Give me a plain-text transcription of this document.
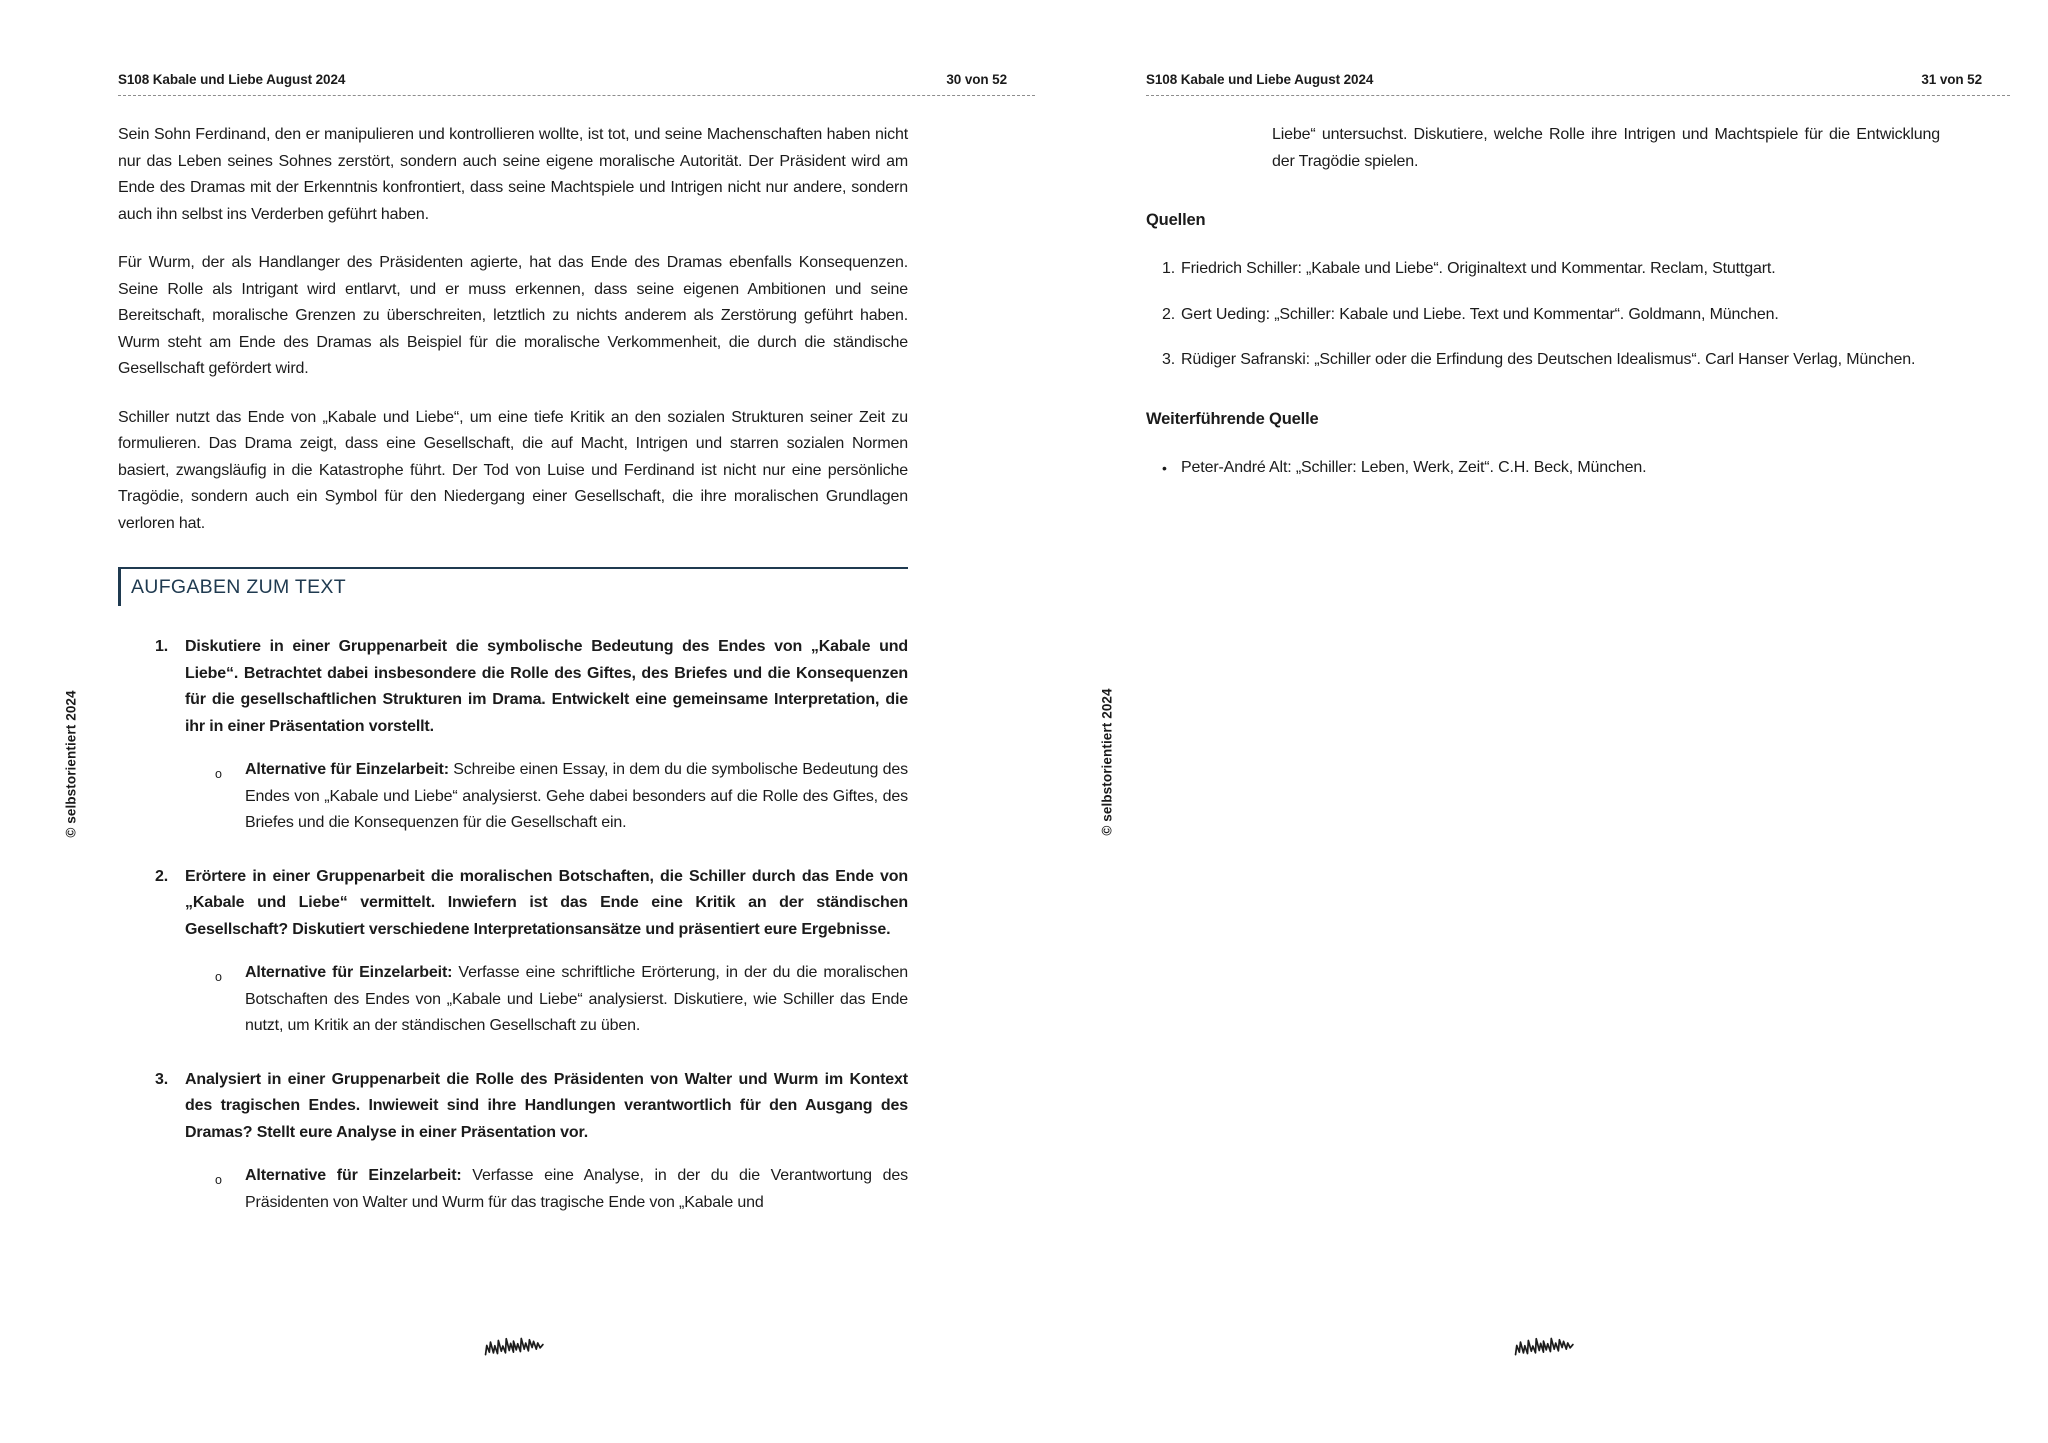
S108 Kabale und Liebe August 2024	30 von 52

Sein Sohn Ferdinand, den er manipulieren und kontrollieren wollte, ist tot, und seine Machenschaften haben nicht nur das Leben seines Sohnes zerstört, sondern auch seine eigene moralische Autorität. Der Präsident wird am Ende des Dramas mit der Erkenntnis konfrontiert, dass seine Machtspiele und Intrigen nicht nur andere, sondern auch ihn selbst ins Verderben geführt haben.

Für Wurm, der als Handlanger des Präsidenten agierte, hat das Ende des Dramas ebenfalls Konsequenzen. Seine Rolle als Intrigant wird entlarvt, und er muss erkennen, dass seine eigenen Ambitionen und seine Bereitschaft, moralische Grenzen zu überschreiten, letztlich zu nichts anderem als Zerstörung geführt haben. Wurm steht am Ende des Dramas als Beispiel für die moralische Verkommenheit, die durch die ständische Gesellschaft gefördert wird.

Schiller nutzt das Ende von „Kabale und Liebe“, um eine tiefe Kritik an den sozialen Strukturen seiner Zeit zu formulieren. Das Drama zeigt, dass eine Gesellschaft, die auf Macht, Intrigen und starren sozialen Normen basiert, zwangsläufig in die Katastrophe führt. Der Tod von Luise und Ferdinand ist nicht nur eine persönliche Tragödie, sondern auch ein Symbol für den Niedergang einer Gesellschaft, die ihre moralischen Grundlagen verloren hat.

AUFGABEN ZUM TEXT
1.	Diskutiere in einer Gruppenarbeit die symbolische Bedeutung des Endes von „Kabale und Liebe“. Betrachtet dabei insbesondere die Rolle des Giftes, des Briefes und die Konsequenzen für die gesellschaftlichen Strukturen im Drama. Entwickelt eine gemeinsame Interpretation, die ihr in einer Präsentation vorstellt.
o	Alternative für Einzelarbeit: Schreibe einen Essay, in dem du die symbolische Bedeutung des Endes von „Kabale und Liebe“ analysierst. Gehe dabei besonders auf die Rolle des Giftes, des Briefes und die Konsequenzen für die Gesellschaft ein.
2.	Erörtere in einer Gruppenarbeit die moralischen Botschaften, die Schiller durch das Ende von „Kabale und Liebe“ vermittelt. Inwiefern ist das Ende eine Kritik an der ständischen Gesellschaft? Diskutiert verschiedene Interpretationsansätze und präsentiert eure Ergebnisse.
o	Alternative für Einzelarbeit: Verfasse eine schriftliche Erörterung, in der du die moralischen Botschaften des Endes von „Kabale und Liebe“ analysierst. Diskutiere, wie Schiller das Ende nutzt, um Kritik an der ständischen Gesellschaft zu üben.
3.	Analysiert in einer Gruppenarbeit die Rolle des Präsidenten von Walter und Wurm im Kontext des tragischen Endes. Inwieweit sind ihre Handlungen verantwortlich für den Ausgang des Dramas? Stellt eure Analyse in einer Präsentation vor.
o	Alternative für Einzelarbeit: Verfasse eine Analyse, in der du die Verantwortung des Präsidenten von Walter und Wurm für das tragische Ende von „Kabale und
S108 Kabale und Liebe August 2024	31 von 52
Liebe“ untersuchst. Diskutiere, welche Rolle ihre Intrigen und Machtspiele für die Entwicklung der Tragödie spielen.
Quellen
1. Friedrich Schiller: „Kabale und Liebe“. Originaltext und Kommentar. Reclam, Stuttgart.
2. Gert Ueding: „Schiller: Kabale und Liebe. Text und Kommentar“. Goldmann, München.
3. Rüdiger Safranski: „Schiller oder die Erfindung des Deutschen Idealismus“. Carl Hanser Verlag, München.
Weiterführende Quelle
• Peter-André Alt: „Schiller: Leben, Werk, Zeit“. C.H. Beck, München.
© selbstorientiert 2024	© selbstorientiert 2024
